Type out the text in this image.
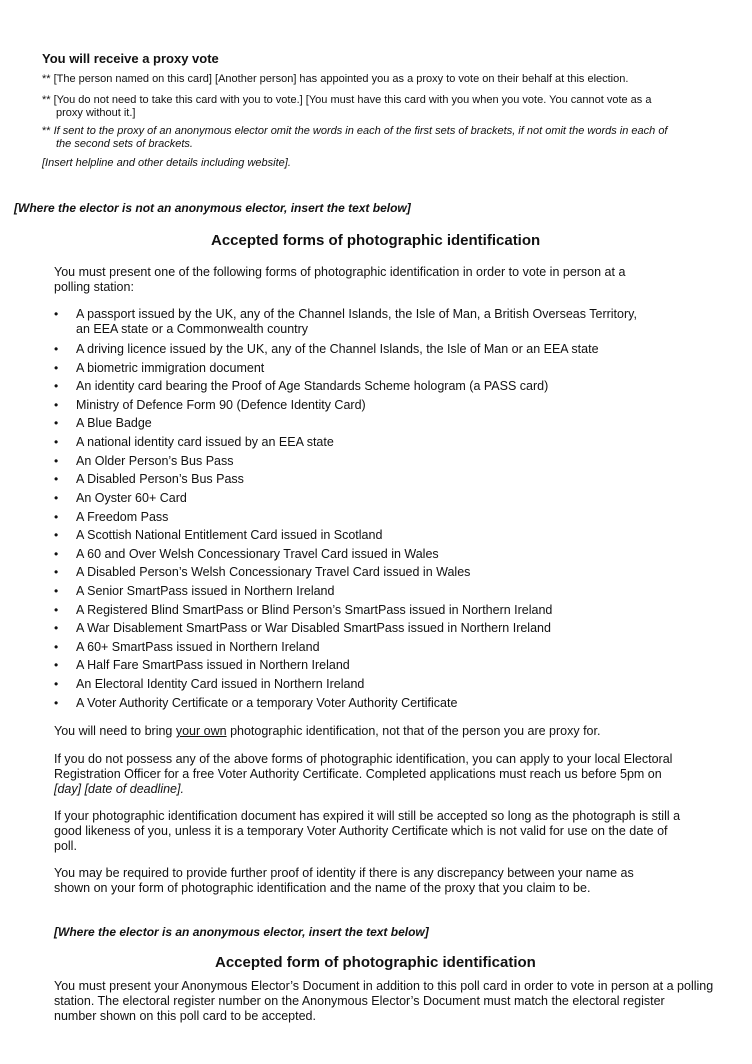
You will receive a proxy vote
** [The person named on this card] [Another person] has appointed you as a proxy to vote on their behalf at this election.
** [You do not need to take this card with you to vote.] [You must have this card with you when you vote. You cannot vote as a
proxy without it.]
** If sent to the proxy of an anonymous elector omit the words in each of the first sets of brackets, if not omit the words in each of
the second sets of brackets.
[Insert helpline and other details including website].
[Where the elector is not an anonymous elector, insert the text below]
Accepted forms of photographic identification
You must present one of the following forms of photographic identification in order to vote in person at a
polling station:
• A passport issued by the UK, any of the Channel Islands, the Isle of Man, a British Overseas Territory,
an EEA state or a Commonwealth country
• A driving licence issued by the UK, any of the Channel Islands, the Isle of Man or an EEA state
• A biometric immigration document
• An identity card bearing the Proof of Age Standards Scheme hologram (a PASS card)
• Ministry of Defence Form 90 (Defence Identity Card)
• A Blue Badge
• A national identity card issued by an EEA state
• An Older Person’s Bus Pass
• A Disabled Person’s Bus Pass
• An Oyster 60+ Card
• A Freedom Pass
• A Scottish National Entitlement Card issued in Scotland
• A 60 and Over Welsh Concessionary Travel Card issued in Wales
• A Disabled Person’s Welsh Concessionary Travel Card issued in Wales
• A Senior SmartPass issued in Northern Ireland
• A Registered Blind SmartPass or Blind Person’s SmartPass issued in Northern Ireland
• A War Disablement SmartPass or War Disabled SmartPass issued in Northern Ireland
• A 60+ SmartPass issued in Northern Ireland
• A Half Fare SmartPass issued in Northern Ireland
• An Electoral Identity Card issued in Northern Ireland
• A Voter Authority Certificate or a temporary Voter Authority Certificate
You will need to bring your own photographic identification, not that of the person you are proxy for.
If you do not possess any of the above forms of photographic identification, you can apply to your local Electoral
Registration Officer for a free Voter Authority Certificate. Completed applications must reach us before 5pm on
[day] [date of deadline].
If your photographic identification document has expired it will still be accepted so long as the photograph is still a
good likeness of you, unless it is a temporary Voter Authority Certificate which is not valid for use on the date of
poll.
You may be required to provide further proof of identity if there is any discrepancy between your name as
shown on your form of photographic identification and the name of the proxy that you claim to be.
[Where the elector is an anonymous elector, insert the text below]
Accepted form of photographic identification
You must present your Anonymous Elector’s Document in addition to this poll card in order to vote in person at a polling
station. The electoral register number on the Anonymous Elector’s Document must match the electoral register
number shown on this poll card to be accepted.
